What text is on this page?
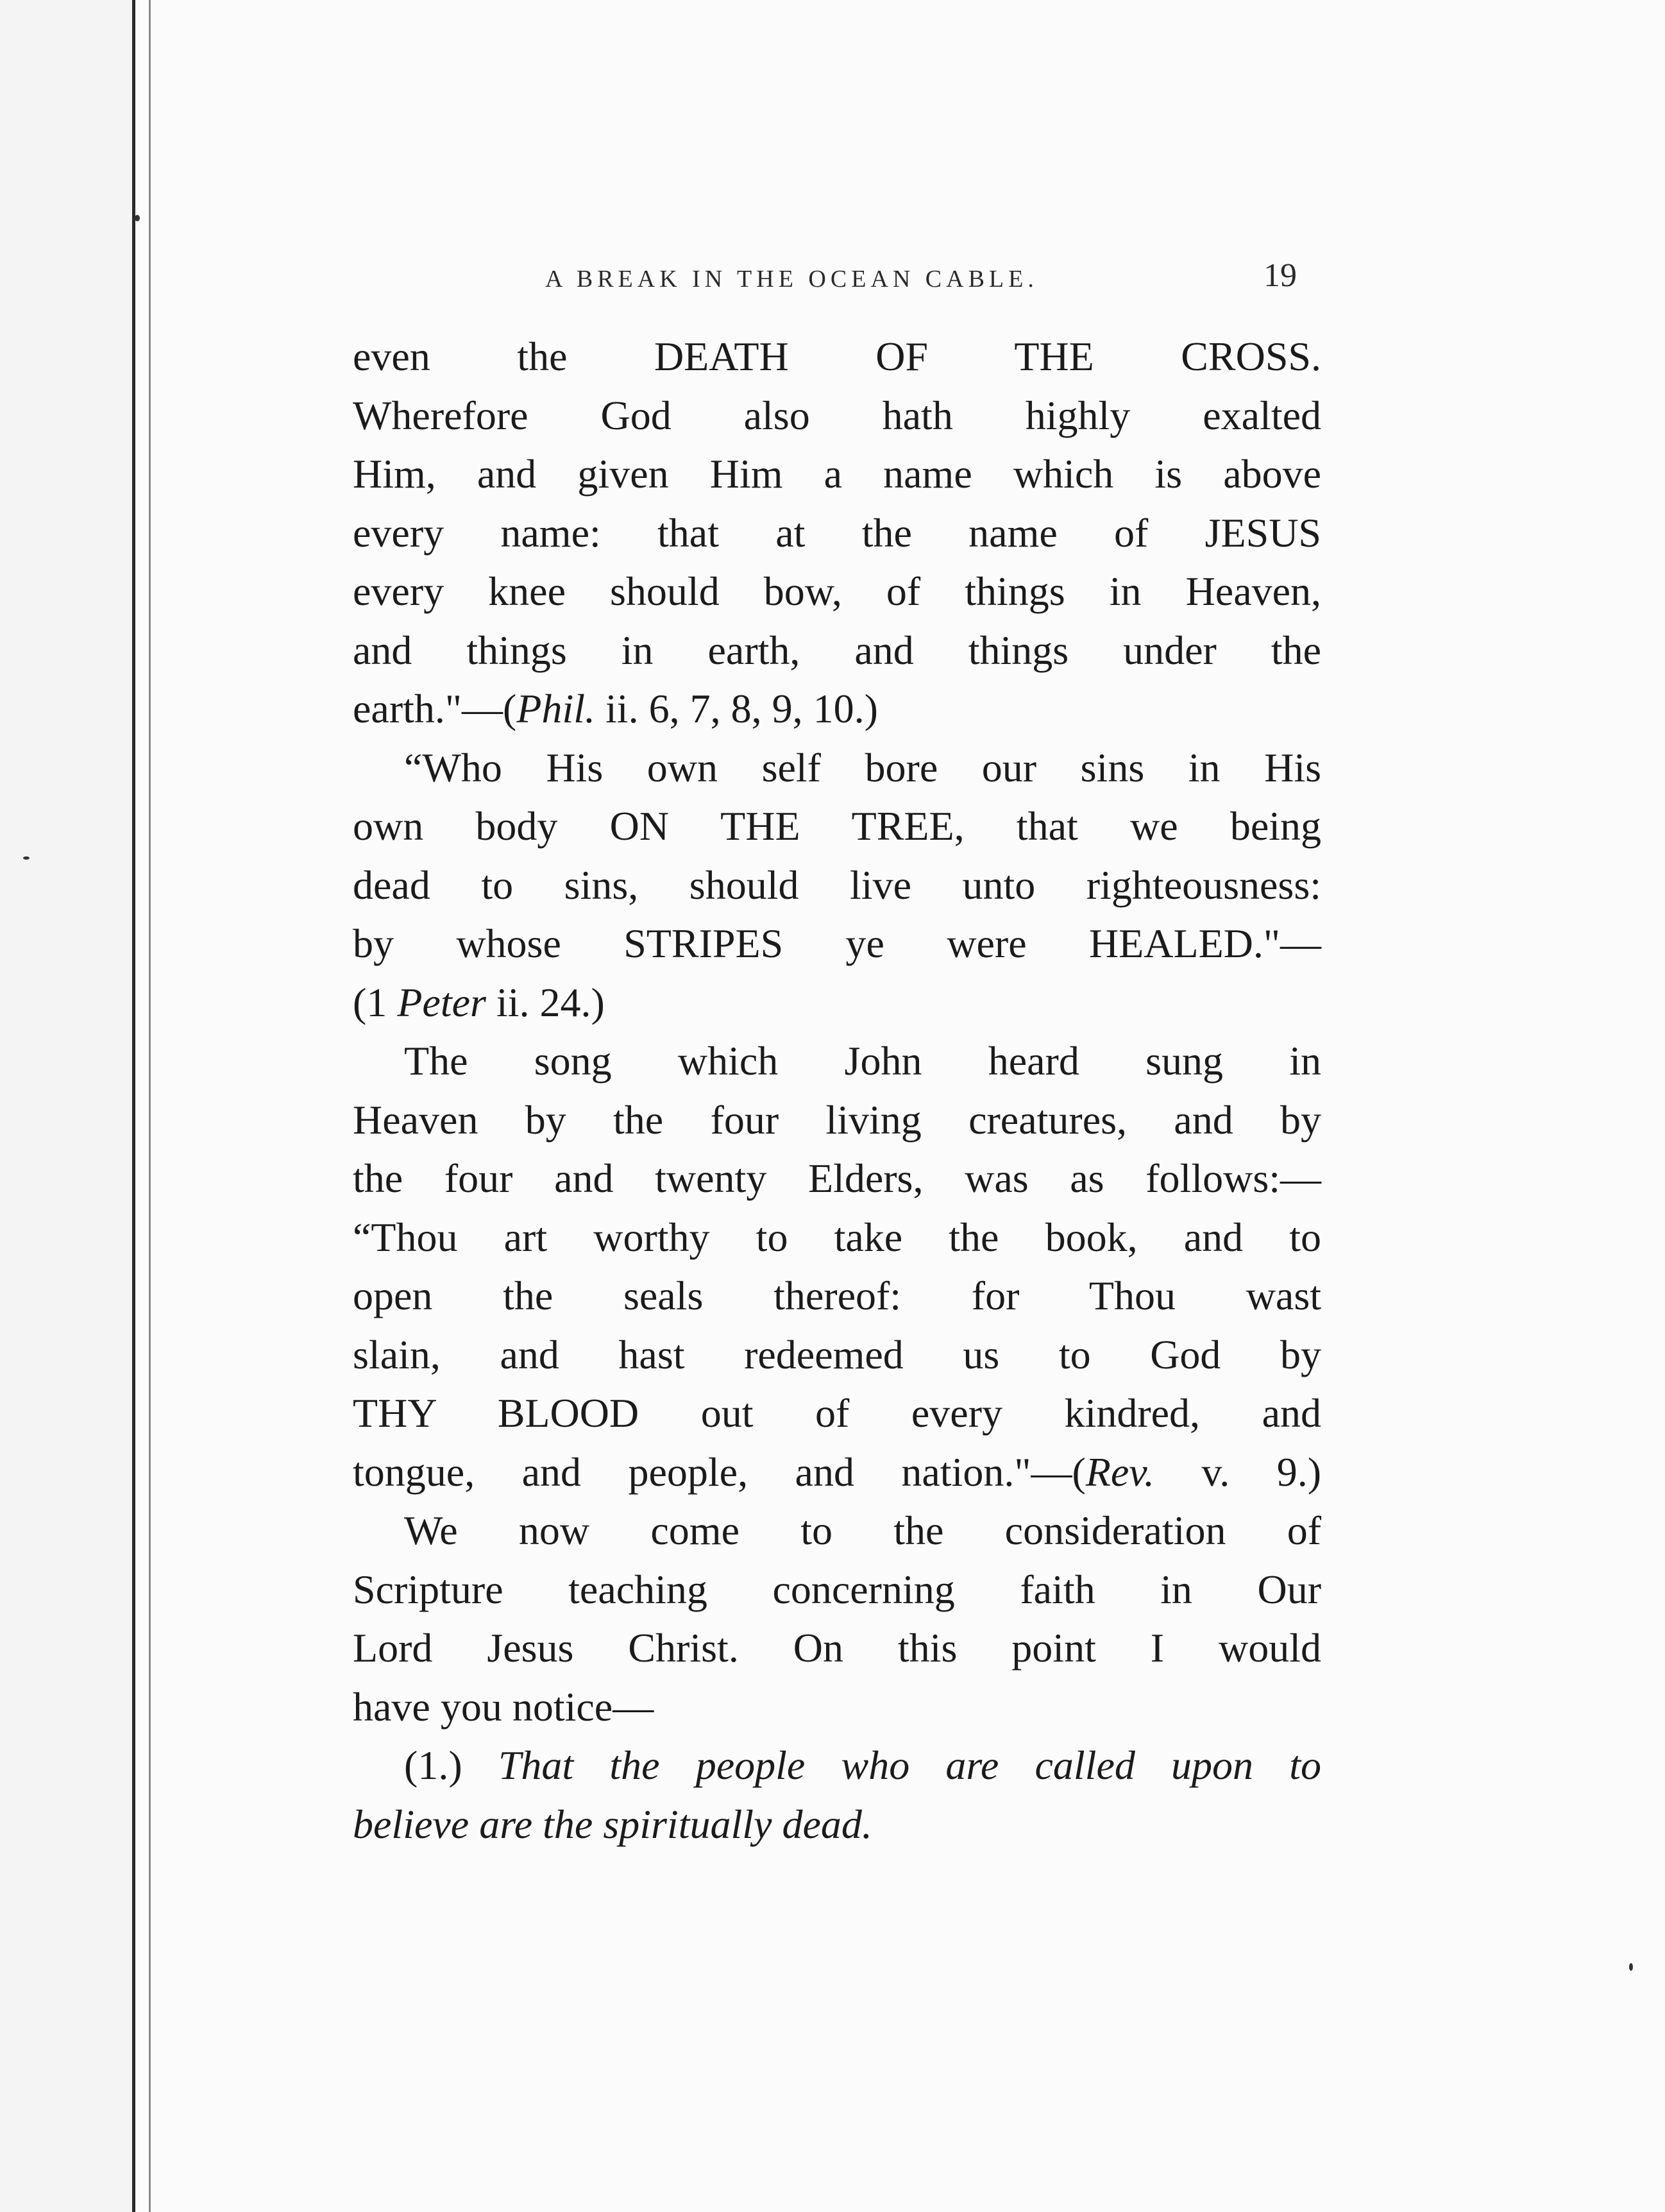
A BREAK IN THE OCEAN CABLE.	19
even the DEATH OF THE CROSS.
Wherefore God also hath highly exalted
Him, and given Him a name which is above
every name: that at the name of JESUS
every knee should bow, of things in Heaven,
and things in earth, and things under the
earth."—(Phil. ii. 6, 7, 8, 9, 10.)
“Who His own self bore our sins in His
own body ON THE TREE, that we being
dead to sins, should live unto righteousness:
by whose STRIPES ye were HEALED."—
(1 Peter ii. 24.)
The song which John heard sung in
Heaven by the four living creatures, and by
the four and twenty Elders, was as follows:—
“Thou art worthy to take the book, and to
open the seals thereof: for Thou wast
slain, and hast redeemed us to God by
THY BLOOD out of every kindred, and
tongue, and people, and nation."—(Rev. v. 9.)
We now come to the consideration of
Scripture teaching concerning faith in Our
Lord Jesus Christ. On this point I would
have you notice—
(1.) That the people who are called upon to
believe are the spiritually dead.
